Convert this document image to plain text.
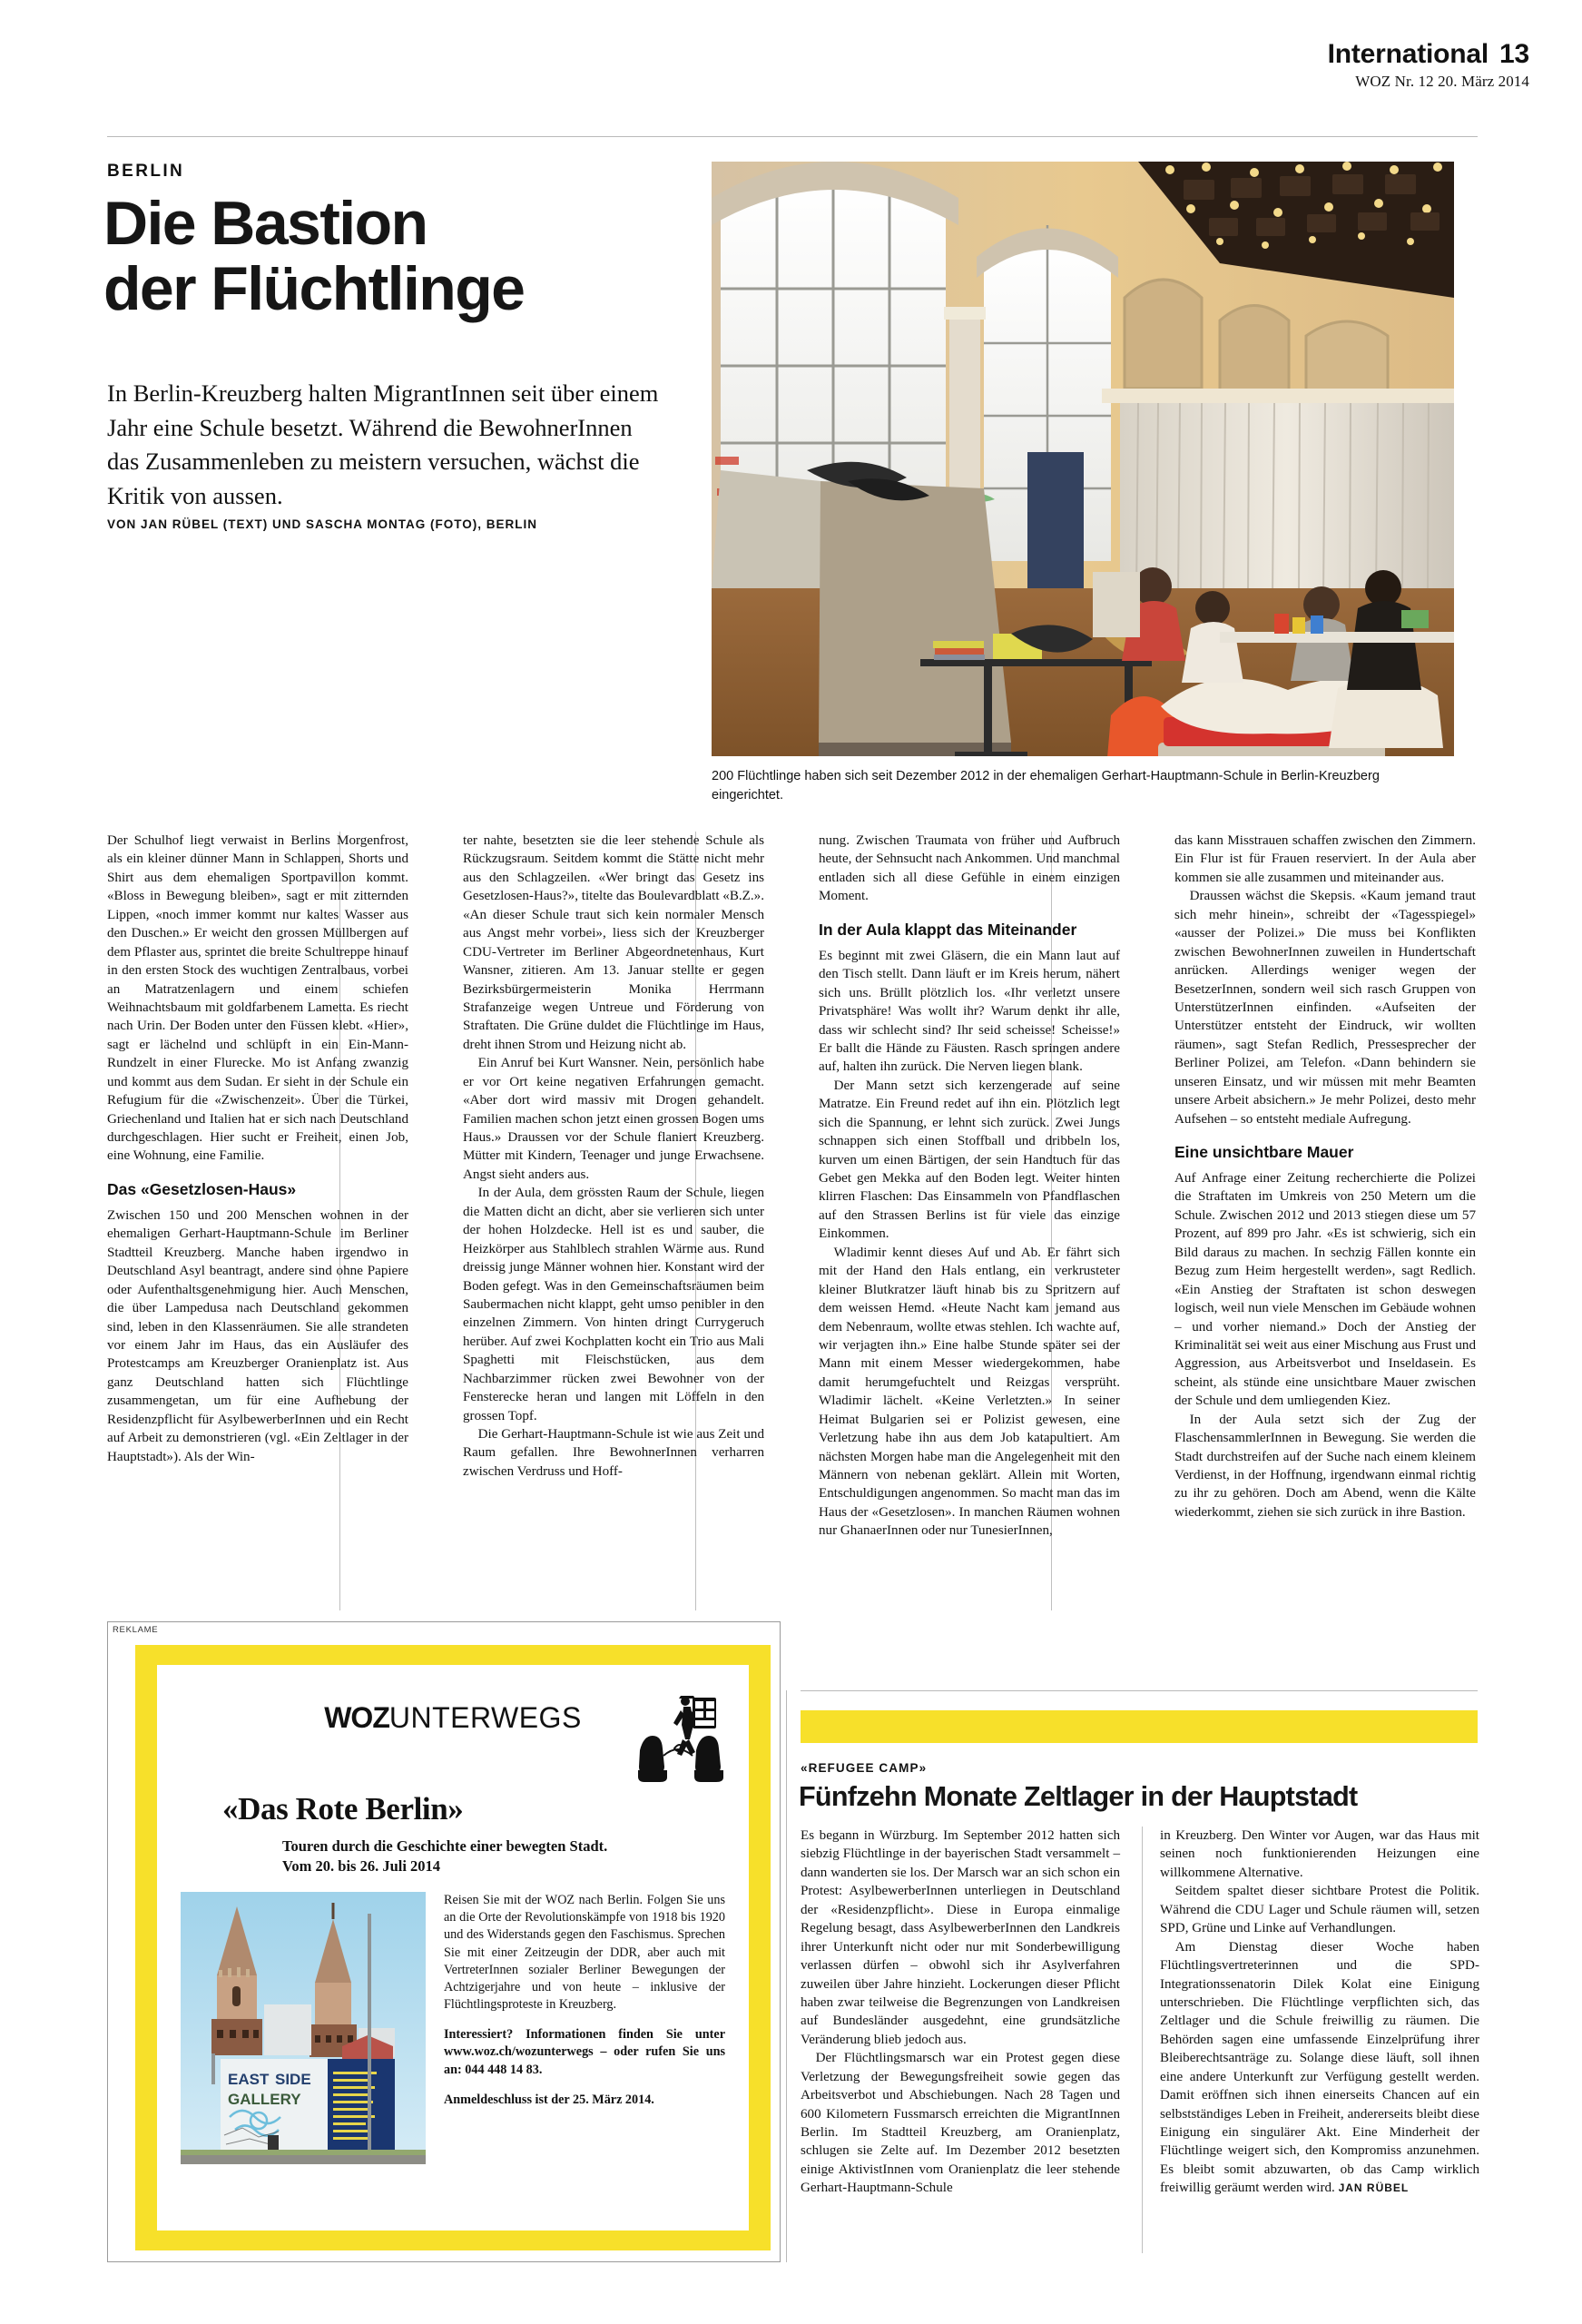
International 13
WOZ Nr. 12 20. März 2014
BERLIN
Die Bastion
der Flüchtlinge
In Berlin-Kreuzberg halten MigrantInnen seit über einem Jahr eine Schule besetzt. Während die BewohnerInnen das Zusammenleben zu meistern versuchen, wächst die Kritik von aussen.
VON JAN RÜBEL (TEXT) UND SASCHA MONTAG (FOTO), BERLIN
200 Flüchtlinge haben sich seit Dezember 2012 in der ehemaligen Gerhart-Hauptmann-Schule in Berlin-Kreuzberg eingerichtet.

Der Schulhof liegt verwaist in Berlins Morgenfrost, als ein kleiner dünner Mann in Schlappen, Shorts und Shirt aus dem ehemaligen Sportpavillon kommt. «Bloss in Bewegung bleiben», sagt er mit zitternden Lippen, «noch immer kommt nur kaltes Wasser aus den Duschen.» Er weicht den grossen Müllbergen auf dem Pflaster aus, sprintet die breite Schultreppe hinauf in den ersten Stock des wuchtigen Zentralbaus, vorbei an Matratzenlagern und einem schiefen Weihnachtsbaum mit goldfarbenem Lametta. Es riecht nach Urin. Der Boden unter den Füssen klebt. «Hier», sagt er lächelnd und schlüpft in ein Ein-Mann-Rundzelt in einer Flurecke. Mo ist Anfang zwanzig und kommt aus dem Sudan. Er sieht in der Schule ein Refugium für die «Zwischenzeit». Über die Türkei, Griechenland und Italien hat er sich nach Deutschland durchgeschlagen. Hier sucht er Freiheit, einen Job, eine Wohnung, eine Familie.

Das «Gesetzlosen-Haus»

Zwischen 150 und 200 Menschen wohnen in der ehemaligen Gerhart-Hauptmann-Schule im Berliner Stadtteil Kreuzberg. Manche haben irgendwo in Deutschland Asyl beantragt, andere sind ohne Papiere oder Aufenthaltsgenehmigung hier. Auch Menschen, die über Lampedusa nach Deutschland gekommen sind, leben in den Klassenräumen. Sie alle strandeten vor einem Jahr im Haus, das ein Ausläufer des Protestcamps am Kreuzberger Oranienplatz ist. Aus ganz Deutschland hatten sich Flüchtlinge zusammengetan, um für eine Aufhebung der Residenzpflicht für AsylbewerberInnen und ein Recht auf Arbeit zu demonstrieren (vgl. «Ein Zeltlager in der Hauptstadt»). Als der Win-

ter nahte, besetzten sie die leer stehende Schule als Rückzugsraum. Seitdem kommt die Stätte nicht mehr aus den Schlagzeilen. «Wer bringt das Gesetz ins Gesetzlosen-Haus?», titelte das Boulevardblatt «B.Z.». «An dieser Schule traut sich kein normaler Mensch aus Angst mehr vorbei», liess sich der Kreuzberger CDU-Vertreter im Berliner Abgeordnetenhaus, Kurt Wansner, zitieren. Am 13. Januar stellte er gegen Bezirksbürgermeisterin Monika Herrmann Strafanzeige wegen Untreue und Förderung von Straftaten. Die Grüne duldet die Flüchtlinge im Haus, dreht ihnen Strom und Heizung nicht ab.

Ein Anruf bei Kurt Wansner. Nein, persönlich habe er vor Ort keine negativen Erfahrungen gemacht. «Aber dort wird massiv mit Drogen gehandelt. Familien machen schon jetzt einen grossen Bogen ums Haus.» Draussen vor der Schule flaniert Kreuzberg. Mütter mit Kindern, Teenager und junge Erwachsene. Angst sieht anders aus.

In der Aula, dem grössten Raum der Schule, liegen die Matten dicht an dicht, aber sie verlieren sich unter der hohen Holzdecke. Hell ist es und sauber, die Heizkörper aus Stahlblech strahlen Wärme aus. Rund dreissig junge Männer wohnen hier. Konstant wird der Boden gefegt. Was in den Gemeinschaftsräumen beim Saubermachen nicht klappt, geht umso penibler in den einzelnen Zimmern. Von hinten dringt Currygeruch herüber. Auf zwei Kochplatten kocht ein Trio aus Mali Spaghetti mit Fleischstücken, aus dem Nachbarzimmer rücken zwei Bewohner von der Fensterecke heran und langen mit Löffeln in den grossen Topf.

Die Gerhart-Hauptmann-Schule ist wie aus Zeit und Raum gefallen. Ihre BewohnerInnen verharren zwischen Verdruss und Hoff-

nung. Zwischen Traumata von früher und Aufbruch heute, der Sehnsucht nach Ankommen. Und manchmal entladen sich all diese Gefühle in einem einzigen Moment.

In der Aula klappt das Miteinander

Es beginnt mit zwei Gläsern, die ein Mann laut auf den Tisch stellt. Dann läuft er im Kreis herum, nähert sich uns. Brüllt plötzlich los. «Ihr verletzt unsere Privatsphäre! Was wollt ihr? Warum denkt ihr alle, dass wir schlecht sind? Ihr seid scheisse! Scheisse!» Er ballt die Hände zu Fäusten. Rasch springen andere auf, halten ihn zurück. Die Nerven liegen blank.

Der Mann setzt sich kerzengerade auf seine Matratze. Ein Freund redet auf ihn ein. Plötzlich legt sich die Spannung, er lehnt sich zurück. Zwei Jungs schnappen sich einen Stoffball und dribbeln los, kurven um einen Bärtigen, der sein Handtuch für das Gebet gen Mekka auf den Boden legt. Weiter hinten klirren Flaschen: Das Einsammeln von Pfandflaschen auf den Strassen Berlins ist für viele das einzige Einkommen.

Wladimir kennt dieses Auf und Ab. Er fährt sich mit der Hand den Hals entlang, ein verkrusteter kleiner Blutkratzer läuft hinab bis zu Spritzern auf dem weissen Hemd. «Heute Nacht kam jemand aus dem Nebenraum, wollte etwas stehlen. Ich wachte auf, wir verjagten ihn.» Eine halbe Stunde später sei der Mann mit einem Messer wiedergekommen, habe damit herumgefuchtelt und Reizgas versprüht. Wladimir lächelt. «Keine Verletzten.» In seiner Heimat Bulgarien sei er Polizist gewesen, eine Verletzung habe ihn aus dem Job katapultiert. Am nächsten Morgen habe man die Angelegenheit mit den Männern von nebenan geklärt. Allein mit Worten, Entschuldigungen angenommen. So macht man das im Haus der «Gesetzlosen». In manchen Räumen wohnen nur GhanaerInnen oder nur TunesierInnen,

das kann Misstrauen schaffen zwischen den Zimmern. Ein Flur ist für Frauen reserviert. In der Aula aber kommen sie alle zusammen und miteinander aus.

Draussen wächst die Skepsis. «Kaum jemand traut sich mehr hinein», schreibt der «Tagesspiegel» «ausser der Polizei.» Die muss bei Konflikten zwischen BewohnerInnen zuweilen in Hundertschaft anrücken. Allerdings weniger wegen der BesetzerInnen, sondern weil sich rasch Gruppen von UnterstützerInnen einfinden. «Aufseiten der Unterstützer entsteht der Eindruck, wir wollten räumen», sagt Stefan Redlich, Pressesprecher der Berliner Polizei, am Telefon. «Dann behindern sie unseren Einsatz, und wir müssen mit mehr Beamten unsere Arbeit absichern.» Je mehr Polizei, desto mehr Aufsehen – so entsteht mediale Aufregung.

Eine unsichtbare Mauer

Auf Anfrage einer Zeitung recherchierte die Polizei die Straftaten im Umkreis von 250 Metern um die Schule. Zwischen 2012 und 2013 stiegen diese um 57 Prozent, auf 899 pro Jahr. «Es ist schwierig, sich ein Bild daraus zu machen. In sechzig Fällen konnte ein Bezug zum Heim hergestellt werden», sagt Redlich. «Ein Anstieg der Straftaten ist schon deswegen logisch, weil nun viele Menschen im Gebäude wohnen – und vorher niemand.» Doch der Anstieg der Kriminalität sei weit aus einer Mischung aus Frust und Aggression, aus Arbeitsverbot und Inseldasein. Es scheint, als stünde eine unsichtbare Mauer zwischen der Schule und dem umliegenden Kiez.

In der Aula setzt sich der Zug der FlaschensammlerInnen in Bewegung. Sie werden die Stadt durchstreifen auf der Suche nach einem kleinem Verdienst, in der Hoffnung, irgendwann einmal richtig zu ihr zu gehören. Doch am Abend, wenn die Kälte wiederkommt, ziehen sie sich zurück in ihre Bastion.

REKLAME
WOZUNTERWEGS
«Das Rote Berlin»
Touren durch die Geschichte einer bewegten Stadt.
Vom 20. bis 26. Juli 2014
EAST SIDE
GALLERY

Reisen Sie mit der WOZ nach Berlin. Folgen Sie uns an die Orte der Revolutionskämpfe von 1918 bis 1920 und des Widerstands gegen den Faschismus. Sprechen Sie mit einer Zeitzeugin der DDR, aber auch mit VertreterInnen sozialer Berliner Bewegungen der Achtzigerjahre und von heute – inklusive der Flüchtlingsproteste in Kreuzberg.

Interessiert? Informationen finden Sie unter www.woz.ch/wozunterwegs – oder rufen Sie uns an: 044 448 14 83.

Anmeldeschluss ist der 25. März 2014.

«REFUGEE CAMP»
Fünfzehn Monate Zeltlager in der Hauptstadt

Es begann in Würzburg. Im September 2012 hatten sich siebzig Flüchtlinge in der bayerischen Stadt versammelt – dann wanderten sie los. Der Marsch war an sich schon ein Protest: AsylbewerberInnen unterliegen in Deutschland der «Residenzpflicht». Diese in Europa einmalige Regelung besagt, dass AsylbewerberInnen den Landkreis ihrer Unterkunft nicht oder nur mit Sonderbewilligung verlassen dürfen – obwohl sich ihr Asylverfahren zuweilen über Jahre hinzieht. Lockerungen dieser Pflicht haben zwar teilweise die Begrenzungen von Landkreisen auf Bundesländer ausgedehnt, eine grundsätzliche Veränderung blieb jedoch aus.

Der Flüchtlingsmarsch war ein Protest gegen diese Verletzung der Bewegungsfreiheit sowie gegen das Arbeitsverbot und Abschiebungen. Nach 28 Tagen und 600 Kilometern Fussmarsch erreichten die MigrantInnen Berlin. Im Stadtteil Kreuzberg, am Oranienplatz, schlugen sie Zelte auf. Im Dezember 2012 besetzten einige AktivistInnen vom Oranienplatz die leer stehende Gerhart-Hauptmann-Schule

in Kreuzberg. Den Winter vor Augen, war das Haus mit seinen noch funktionierenden Heizungen eine willkommene Alternative.

Seitdem spaltet dieser sichtbare Protest die Politik. Während die CDU Lager und Schule räumen will, setzen SPD, Grüne und Linke auf Verhandlungen.

Am Dienstag dieser Woche haben Flüchtlingsvertreterinnen und die SPD-Integrationssenatorin Dilek Kolat eine Einigung unterschrieben. Die Flüchtlinge verpflichten sich, das Zeltlager und die Schule freiwillig zu räumen. Die Behörden sagen eine umfassende Einzelprüfung ihrer Bleiberechtsanträge zu. Solange diese läuft, soll ihnen eine andere Unterkunft zur Verfügung gestellt werden. Damit eröffnen sich ihnen einerseits Chancen auf ein selbstständiges Leben in Freiheit, andererseits bleibt diese Einigung ein singulärer Akt. Eine Minderheit der Flüchtlinge weigert sich, den Kompromiss anzunehmen. Es bleibt somit abzuwarten, ob das Camp wirklich freiwillig geräumt werden wird. JAN RÜBEL
